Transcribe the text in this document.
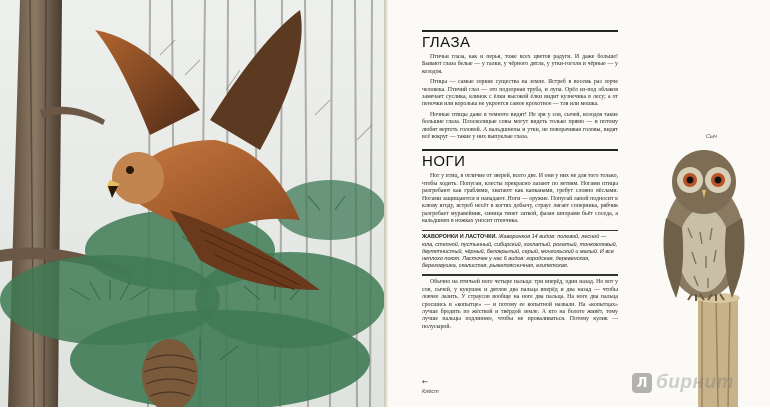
ГЛАЗА

Птичьи глаза, как и перья, тоже всех цветов радуги. И даже больше! Бывают глаза белые — у галки, у чёрного дятла, у утки-гоголя и чёрные — у козодоя.

Птицы — самые зоркие существа на земле. Ястреб в восемь раз зорче человека. Птичий глаз — это подзорная труба, и лупа. Орёл из-под облаков замечает суслика, клинок с ёлки высокой ёлки видит кузнечика в лесу; а от пеночки или королька не укроется самое крохотное — тля или мошка.

Ночные птицы даже в темноте видят! Не зря у сов, сычей, козодоя такие большие глаза. Плосколицые совы могут видеть только прямо — и потому любят вертеть головой. А вальдшнепы и утки, не поворачивая головы, видят всё вокруг — такие у них выпуклые глаза.

НОГИ

Ног у птиц, в отличие от зверей, всего две. И они у них не для того только, чтобы ходить. Попугаи, клесты прекрасно лазают по ветвям. Ногами птицы разгребают как граблями, хватают как капканами, гребут словно вёслами. Ногами защищаются и нападают. Ноги — оружие. Попугай лапой подносит к клюву ягоду, ястреб несёт в когтях добычу, страус лягает соперника, рябчик разгребает муравейник, синица тянет заткой, фазан шпорами бьёт соседа, а вальдшнеп в ножках уносит птенчика.

ЖАВОРОНКИ И ЛАСТОЧКИ. Жаворонков 14 видов: полевой, лесной — юла, степной, пустынный, сибирский, хохлатый, рогатый, тонкоклювый, двупятнистый, чёрный, белокрылый, серый, монгольский и малый. И все неплохо поют. Ласточек у нас 6 видов: городская, деревенская, береговушка, скалистая, рыжепоясничная, египетская.

Обычно на птичьей ноге четыре пальца: три вперёд, один назад. Но вот у сов, сычей, у кукушек и дятлов два пальца вперёд и два назад — чтобы ловчее лазить. У страусов вообще на ноге два пальца. На ноге два пальца сросшись в «копытце» — и потому ее копытной назвали. На «копытцах» лучше бродить по жёсткой и твёрдой земле. А кто на болоте живёт, тому лучше пальцы подлиннее, чтобы не проваливаться. Потому кулик — полусырой.

Сыч
←
Клёст
Л бирнит
